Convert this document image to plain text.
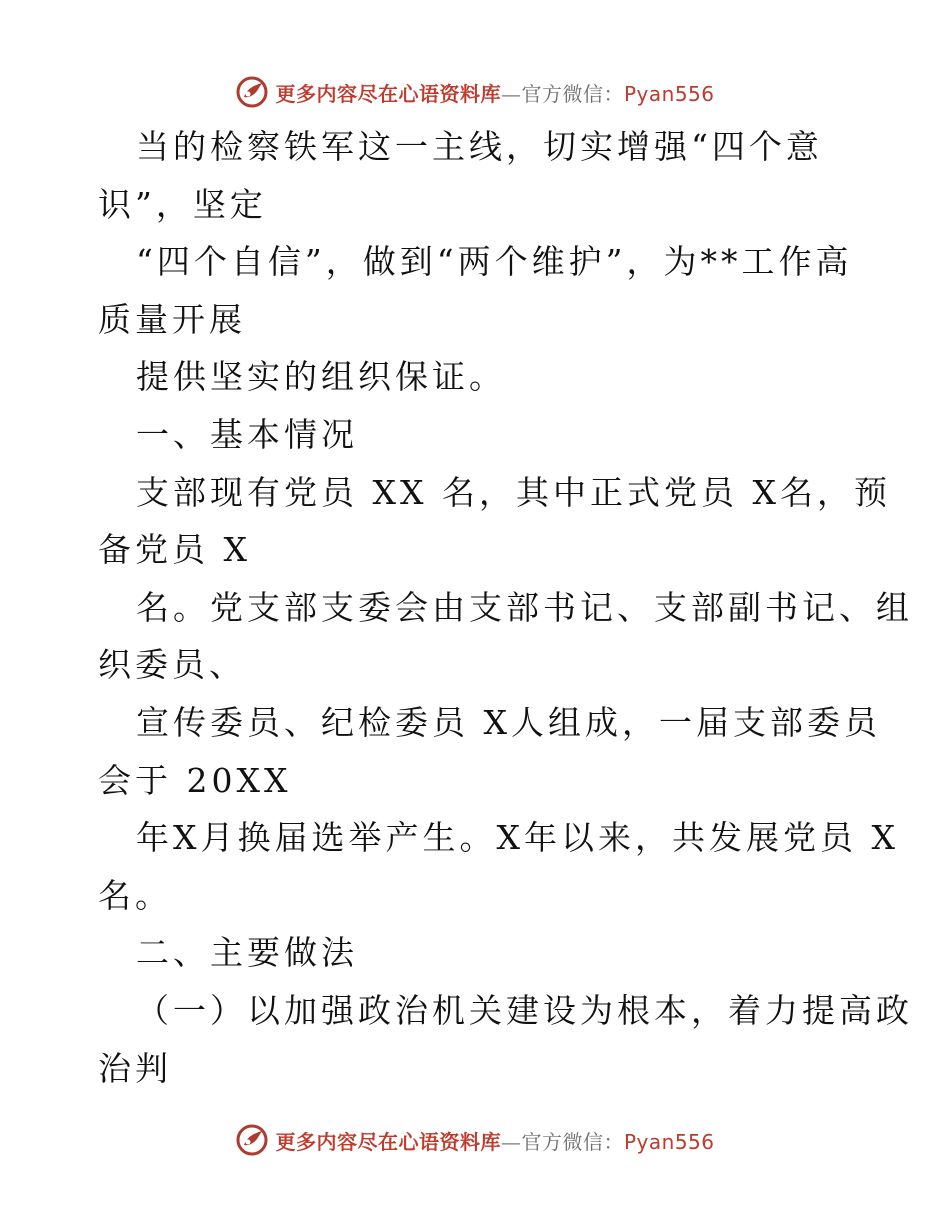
更多内容尽在心语资料库—官方微信：Pyan556
当的检察铁军这一主线，切实增强“四个意
识”，坚定
“四个自信”，做到“两个维护”，为**工作高
质量开展
提供坚实的组织保证。
一、基本情况
支部现有党员 XX 名，其中正式党员 X名，预
备党员 X
名。党支部支委会由支部书记、支部副书记、组
织委员、
宣传委员、纪检委员 X人组成，一届支部委员
会于 20XX
年X月换届选举产生。X年以来，共发展党员 X
名。
二、主要做法
（一）以加强政治机关建设为根本，着力提高政
治判
更多内容尽在心语资料库—官方微信：Pyan556
